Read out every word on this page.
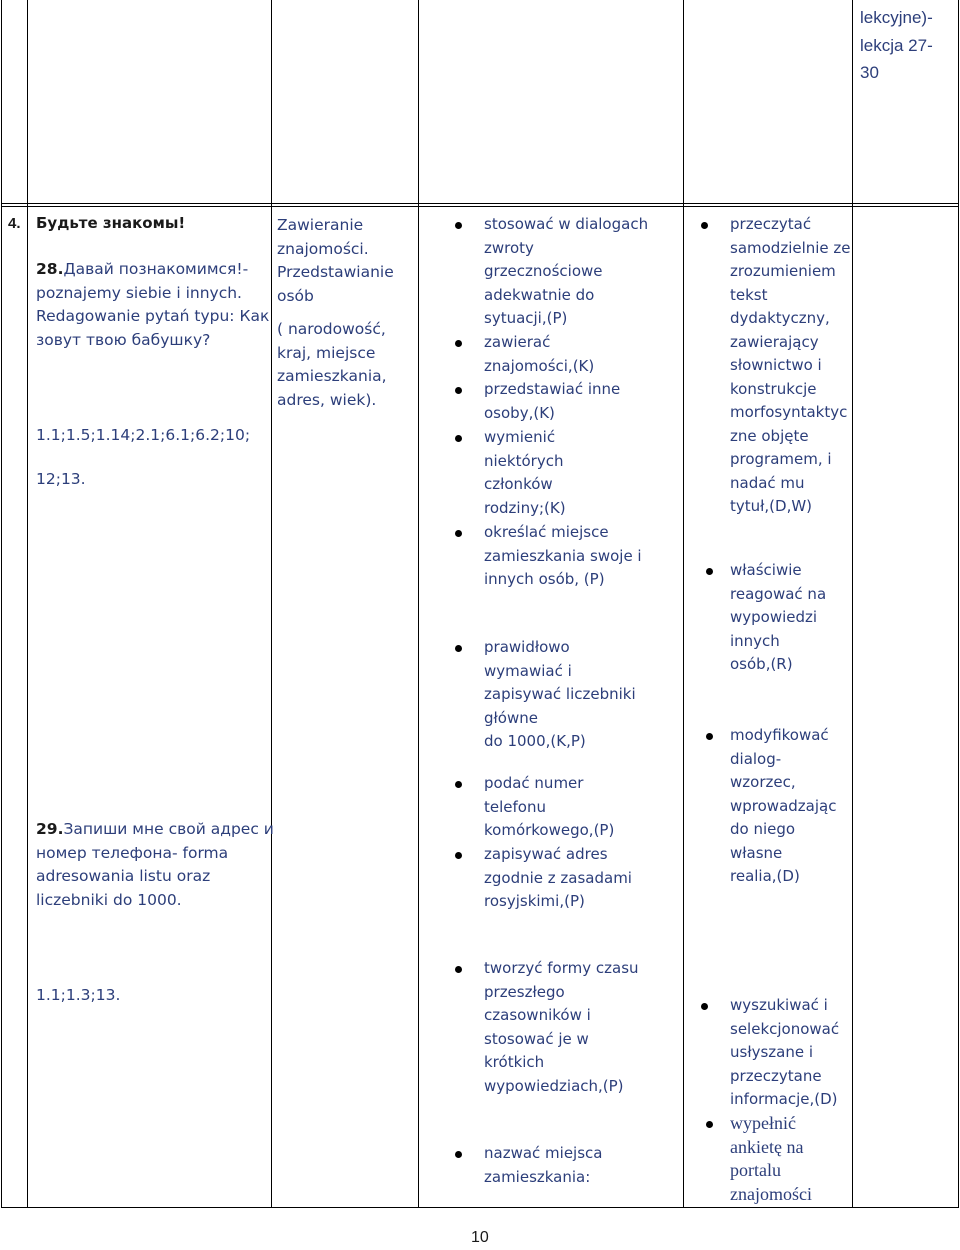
lekcyjne)-
lekcja 27-
30
4. Будьте знакомы!
28.Давай познакомимся!-
poznajemy siebie i innych.
Redagowanie pytań typu: Как
зовут твою бабушку?
1.1;1.5;1.14;2.1;6.1;6.2;10;
12;13.
29.Запиши мне свой адрес и
номер телефона- forma
adresowania listu oraz
liczebniki do 1000.
Zawieranie
znajomości.
Przedstawianie
osób
( narodowość,
kraj, miejsce
zamieszkania,
adres, wiek).
stosować w dialogach
zwroty
grzecznościowe
adekwatnie do
sytuacji,(P)
zawierać
znajomości,(K)
przedstawiać inne
osoby,(K)
wymienić
niektórych
członków
rodziny;(K)
określać miejsce
zamieszkania swoje i
innych osób, (P)
prawidłowo
wymawiać i
zapisywać liczebniki
główne
do 1000,(K,P)
podać numer
telefonu
komórkowego,(P)
zapisywać adres
zgodnie z zasadami
rosyjskimi,(P)
przeczytać
samodzielnie ze
zrozumieniem
tekst
dydaktyczny,
zawierający
słownictwo i
konstrukcje
morfosyntaktyc
zne objęte
programem, i
nadać mu
tytuł,(D,W)
właściwie
reagować na
wypowiedzi
innych
osób,(R)
modyfikować
dialog-
wzorzec,
wprowadzając
do niego
własne
realia,(D)
1.1;1.3;13.
tworzyć formy czasu
przeszłego
czasowników i
stosować je w
krótkich
wypowiedziach,(P)
nazwać miejsca
zamieszkania:
wyszukiwać i
selekcjonować
usłyszane i
przeczytane
informacje,(D)
wypełnić
ankietę na
portalu
znajomości
10
